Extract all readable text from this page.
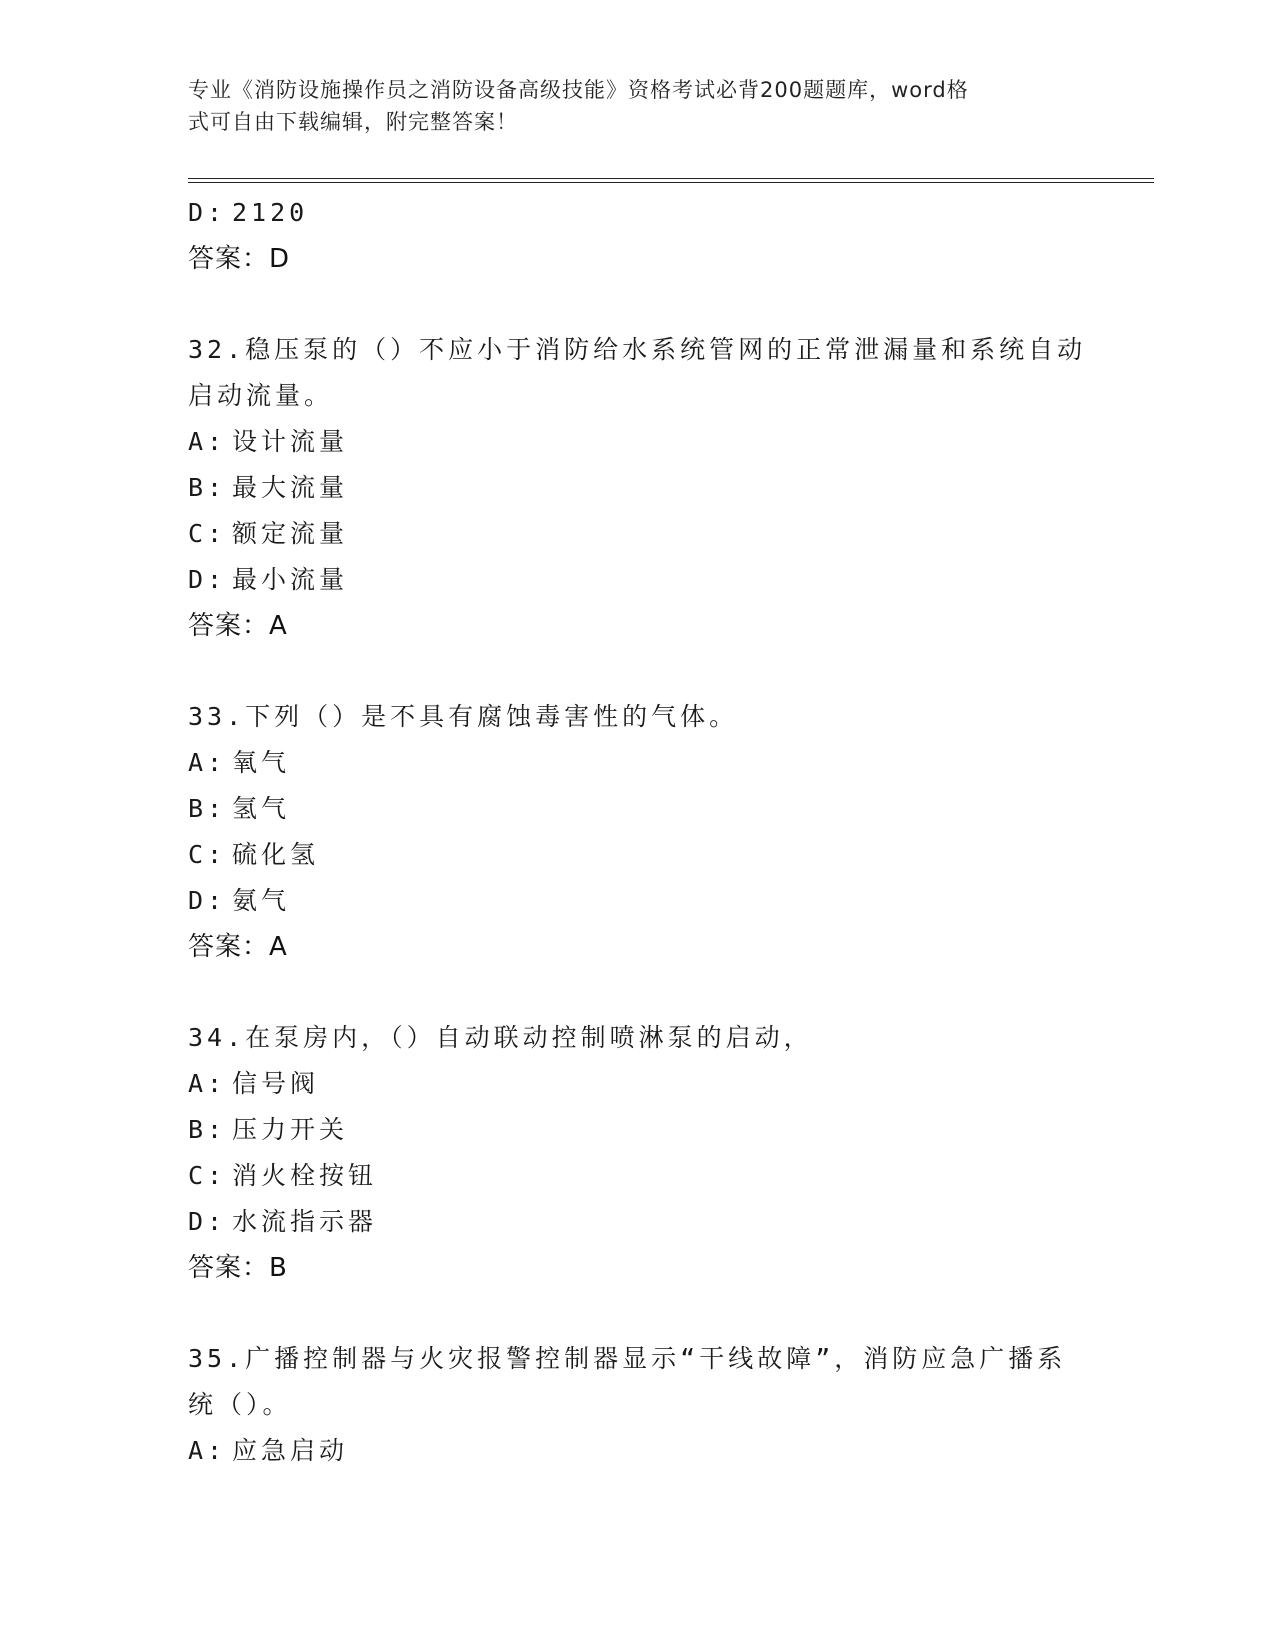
专业《消防设施操作员之消防设备高级技能》资格考试必背200题题库，word格
式可自由下载编辑，附完整答案！
D: 2120
答案：D
32.稳压泵的（）不应小于消防给水系统管网的正常泄漏量和系统自动
启动流量。
A: 设计流量
B: 最大流量
C: 额定流量
D: 最小流量
答案：A
33.下列（）是不具有腐蚀毒害性的气体。
A: 氧气
B: 氢气
C: 硫化氢
D: 氨气
答案：A
34.在泵房内，（）自动联动控制喷淋泵的启动，
A: 信号阀
B: 压力开关
C: 消火栓按钮
D: 水流指示器
答案：B
35.广播控制器与火灾报警控制器显示“干线故障”，消防应急广播系
统（）。
A: 应急启动
